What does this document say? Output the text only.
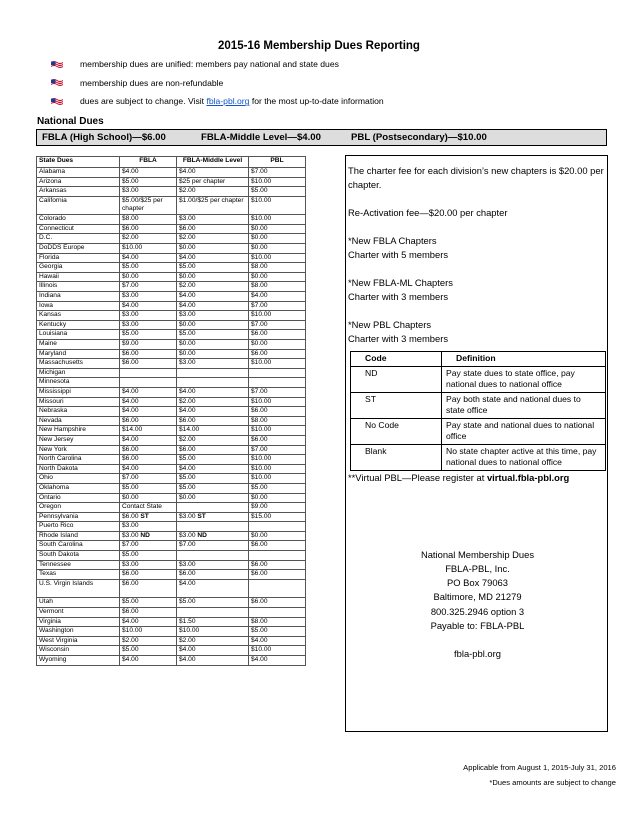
2015-16 Membership Dues Reporting
membership dues are unified: members pay national and state dues
membership dues are non-refundable
dues are subject to change. Visit fbla-pbl.org for the most up-to-date information
National Dues
FBLA (High School)—$6.00	FBLA-Middle Level—$4.00	PBL (Postsecondary)—$10.00
State Dues	FBLA	FBLA-Middle Level	PBL
Alabama	$4.00	$4.00	$7.00
Arizona	$5.00	$25 per chapter	$10.00
Arkansas	$3.00	$2.00	$5.00
California	$5.00/$25 per chapter	$1.00/$25 per chapter	$10.00
Colorado	$8.00	$3.00	$10.00
Connecticut	$6.00	$6.00	$0.00
D.C.	$2.00	$2.00	$0.00
DoDDS Europe	$10.00	$0.00	$0.00
Florida	$4.00	$4.00	$10.00
Georgia	$5.00	$5.00	$8.00
Hawaii	$0.00	$0.00	$0.00
Illinois	$7.00	$2.00	$8.00
Indiana	$3.00	$4.00	$4.00
Iowa	$4.00	$4.00	$7.00
Kansas	$3.00	$3.00	$10.00
Kentucky	$3.00	$0.00	$7.00
Louisiana	$5.00	$5.00	$6.00
Maine	$9.00	$0.00	$0.00
Maryland	$6.00	$0.00	$6.00
Massachusetts	$6.00	$3.00	$10.00
Michigan			
Minnesota			
Mississippi	$4.00	$4.00	$7.00
Missouri	$4.00	$2.00	$10.00
Nebraska	$4.00	$4.00	$6.00
Nevada	$6.00	$6.00	$8.00
New Hampshire	$14.00	$14.00	$10.00
New Jersey	$4.00	$2.00	$6.00
New York	$6.00	$6.00	$7.00
North Carolina	$6.00	$5.00	$10.00
North Dakota	$4.00	$4.00	$10.00
Ohio	$7.00	$5.00	$10.00
Oklahoma	$5.00	$5.00	$5.00
Ontario	$0.00	$0.00	$0.00
Oregon	Contact State		$9.00
Pennsylvania	$6.00 ST	$3.00 ST	$15.00
Puerto Rico	$3.00		
Rhode Island	$3.00 ND	$3.00 ND	$0.00
South Carolina	$7.00	$7.00	$6.00
South Dakota	$5.00		
Tennessee	$3.00	$3.00	$6.00
Texas	$6.00	$6.00	$6.00
U.S. Virgin Islands	$6.00	$4.00	
Utah	$5.00	$5.00	$6.00
Vermont	$6.00		
Virginia	$4.00	$1.50	$8.00
Washington	$10.00	$10.00	$5.00
West Virginia	$2.00	$2.00	$4.00
Wisconsin	$5.00	$4.00	$10.00
Wyoming	$4.00	$4.00	$4.00

The charter fee for each division’s new chapters is $20.00 per chapter.

Re-Activation fee—$20.00 per chapter

*New FBLA Chapters

Charter with 5 members

*New FBLA-ML Chapters

Charter with 3 members

*New PBL Chapters

Charter with 3 members

Code	Definition
ND	Pay state dues to state office, pay national dues to national office
ST	Pay both state and national dues to state office
No Code	Pay state and national dues to national office
Blank	No state chapter active at this time, pay national dues to national office

**Virtual PBL—Please register at virtual.fbla-pbl.org

National Membership Dues
FBLA-PBL, Inc.
PO Box 79063
Baltimore, MD 21279
800.325.2946 option 3
Payable to: FBLA-PBL
fbla-pbl.org
Applicable from August 1, 2015-July 31, 2016
*Dues amounts are subject to change
